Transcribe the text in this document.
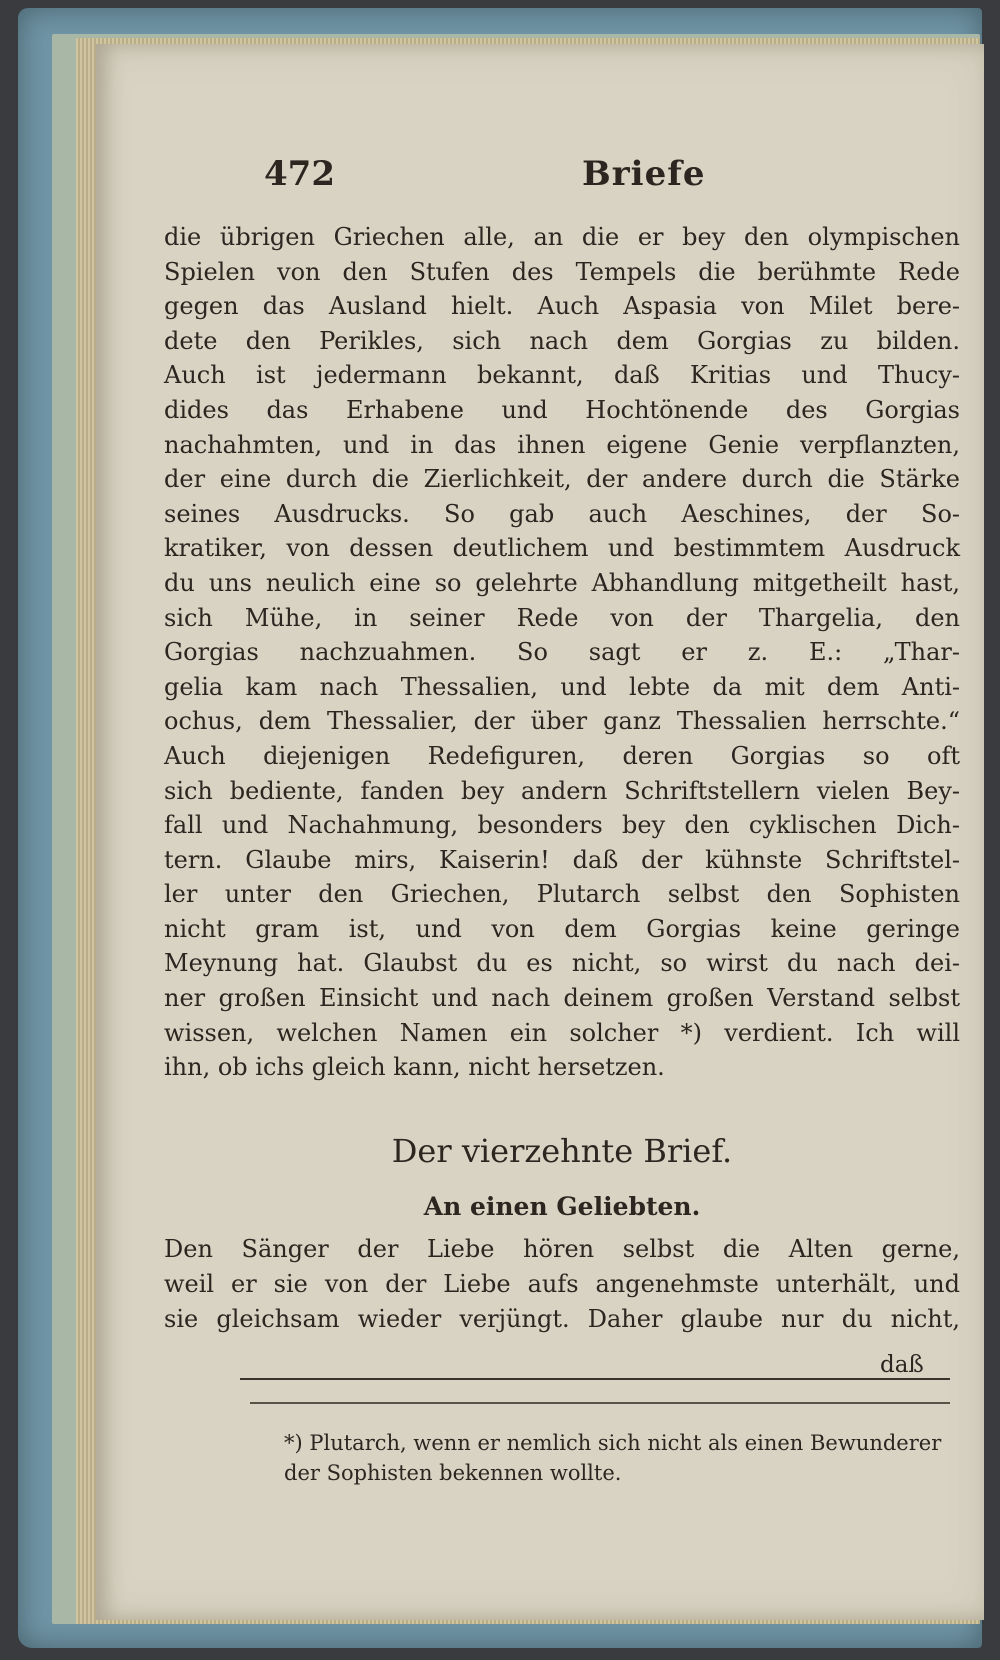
472	Briefe
die übrigen Griechen alle, an die er bey den olympischen
Spielen von den Stufen des Tempels die berühmte Rede
gegen das Ausland hielt. Auch Aspasia von Milet bere-
dete den Perikles, sich nach dem Gorgias zu bilden.
Auch ist jedermann bekannt, daß Kritias und Thucy-
dides das Erhabene und Hochtönende des Gorgias
nachahmten, und in das ihnen eigene Genie verpflanzten,
der eine durch die Zierlichkeit, der andere durch die Stärke
seines Ausdrucks. So gab auch Aeschines, der So-
kratiker, von dessen deutlichem und bestimmtem Ausdruck
du uns neulich eine so gelehrte Abhandlung mitgetheilt hast,
sich Mühe, in seiner Rede von der Thargelia, den
Gorgias nachzuahmen. So sagt er z. E.: „Thar-
gelia kam nach Thessalien, und lebte da mit dem Anti-
ochus, dem Thessalier, der über ganz Thessalien herrschte.“
Auch diejenigen Redefiguren, deren Gorgias so oft
sich bediente, fanden bey andern Schriftstellern vielen Bey-
fall und Nachahmung, besonders bey den cyklischen Dich-
tern. Glaube mirs, Kaiserin! daß der kühnste Schriftstel-
ler unter den Griechen, Plutarch selbst den Sophisten
nicht gram ist, und von dem Gorgias keine geringe
Meynung hat. Glaubst du es nicht, so wirst du nach dei-
ner großen Einsicht und nach deinem großen Verstand selbst
wissen, welchen Namen ein solcher *) verdient. Ich will
ihn, ob ichs gleich kann, nicht hersetzen.
Der vierzehnte Brief.
An einen Geliebten.
Den Sänger der Liebe hören selbst die Alten gerne,
weil er sie von der Liebe aufs angenehmste unterhält, und
sie gleichsam wieder verjüngt. Daher glaube nur du nicht,
daß
*) Plutarch, wenn er nemlich sich nicht als einen Bewunderer
der Sophisten bekennen wollte.
